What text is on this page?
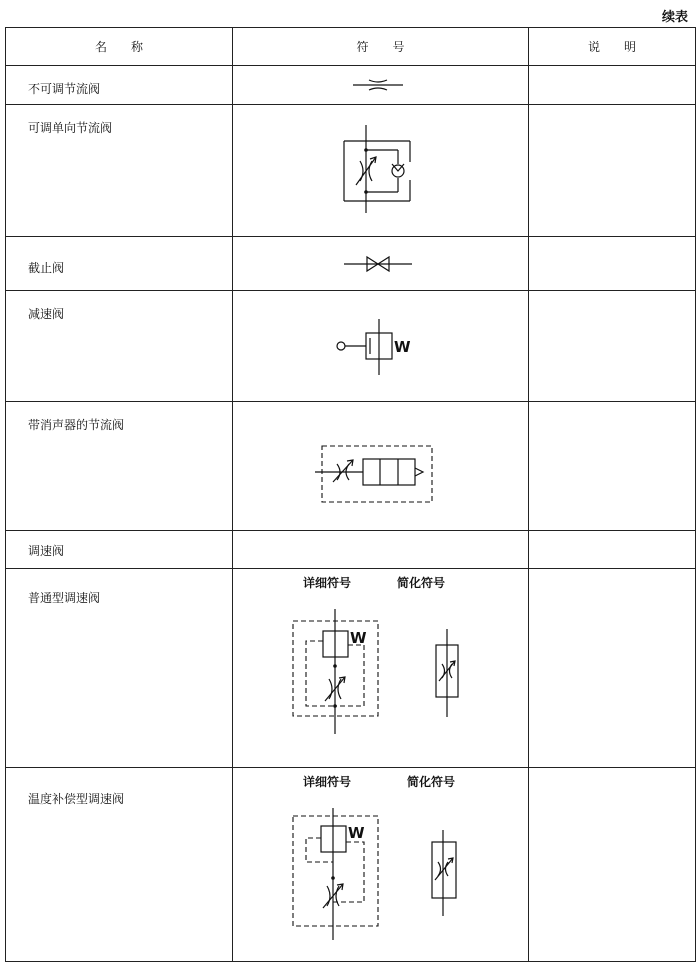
续表
名　　称	符　　号	说　　明

不可调节流阀

可调单向节流阀

截止阀

减速阀	W	

带消声器的节流阀

调速阀		

普通型调速阀	详细符号 简化符号
W	

温度补偿型调速阀	详细符号 简化符号
W	
